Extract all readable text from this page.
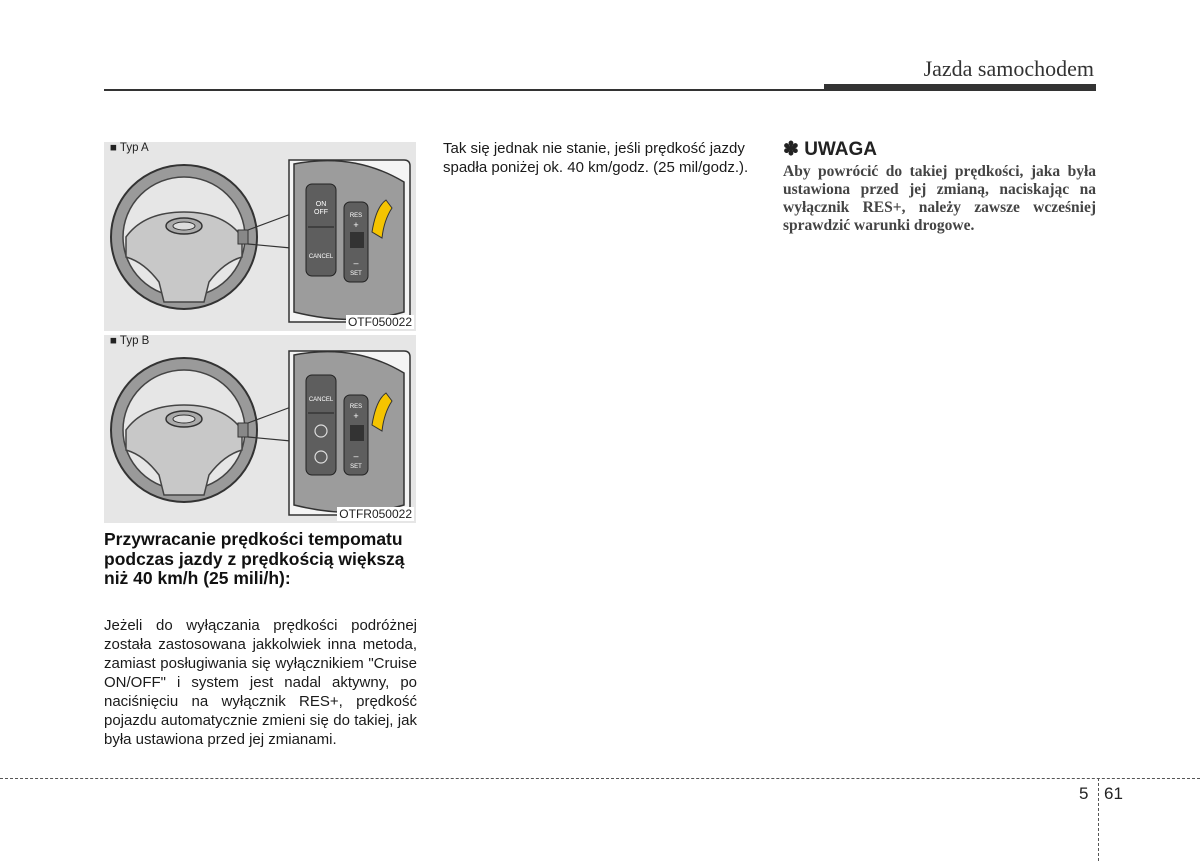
Jazda samochodem
ON
OFF
CANCEL
RES
+
–
SET
■ Typ A
OTF050022
CANCEL
RES
+
–
SET
■ Typ B
OTFR050022
Przywracanie prędkości tempomatu podczas jazdy z prędkością większą niż 40 km/h (25 mili/h):
Jeżeli do wyłączania prędkości podróżnej została zastosowana jakkolwiek inna metoda, zamiast posługiwania się wyłącznikiem "Cruise ON/OFF" i system jest nadal aktywny, po naciśnięciu na wyłącznik RES+, prędkość pojazdu automatycznie zmieni się do takiej, jak była ustawiona przed jej zmianami.
Tak się jednak nie stanie, jeśli prędkość jazdy spadła poniżej ok. 40 km/godz. (25 mil/godz.).
✽ UWAGA
Aby powrócić do takiej prędkości, jaka była ustawiona przed jej zmianą, naciskając na wyłącznik RES+, należy zawsze wcześniej sprawdzić warunki drogowe.
5 61
